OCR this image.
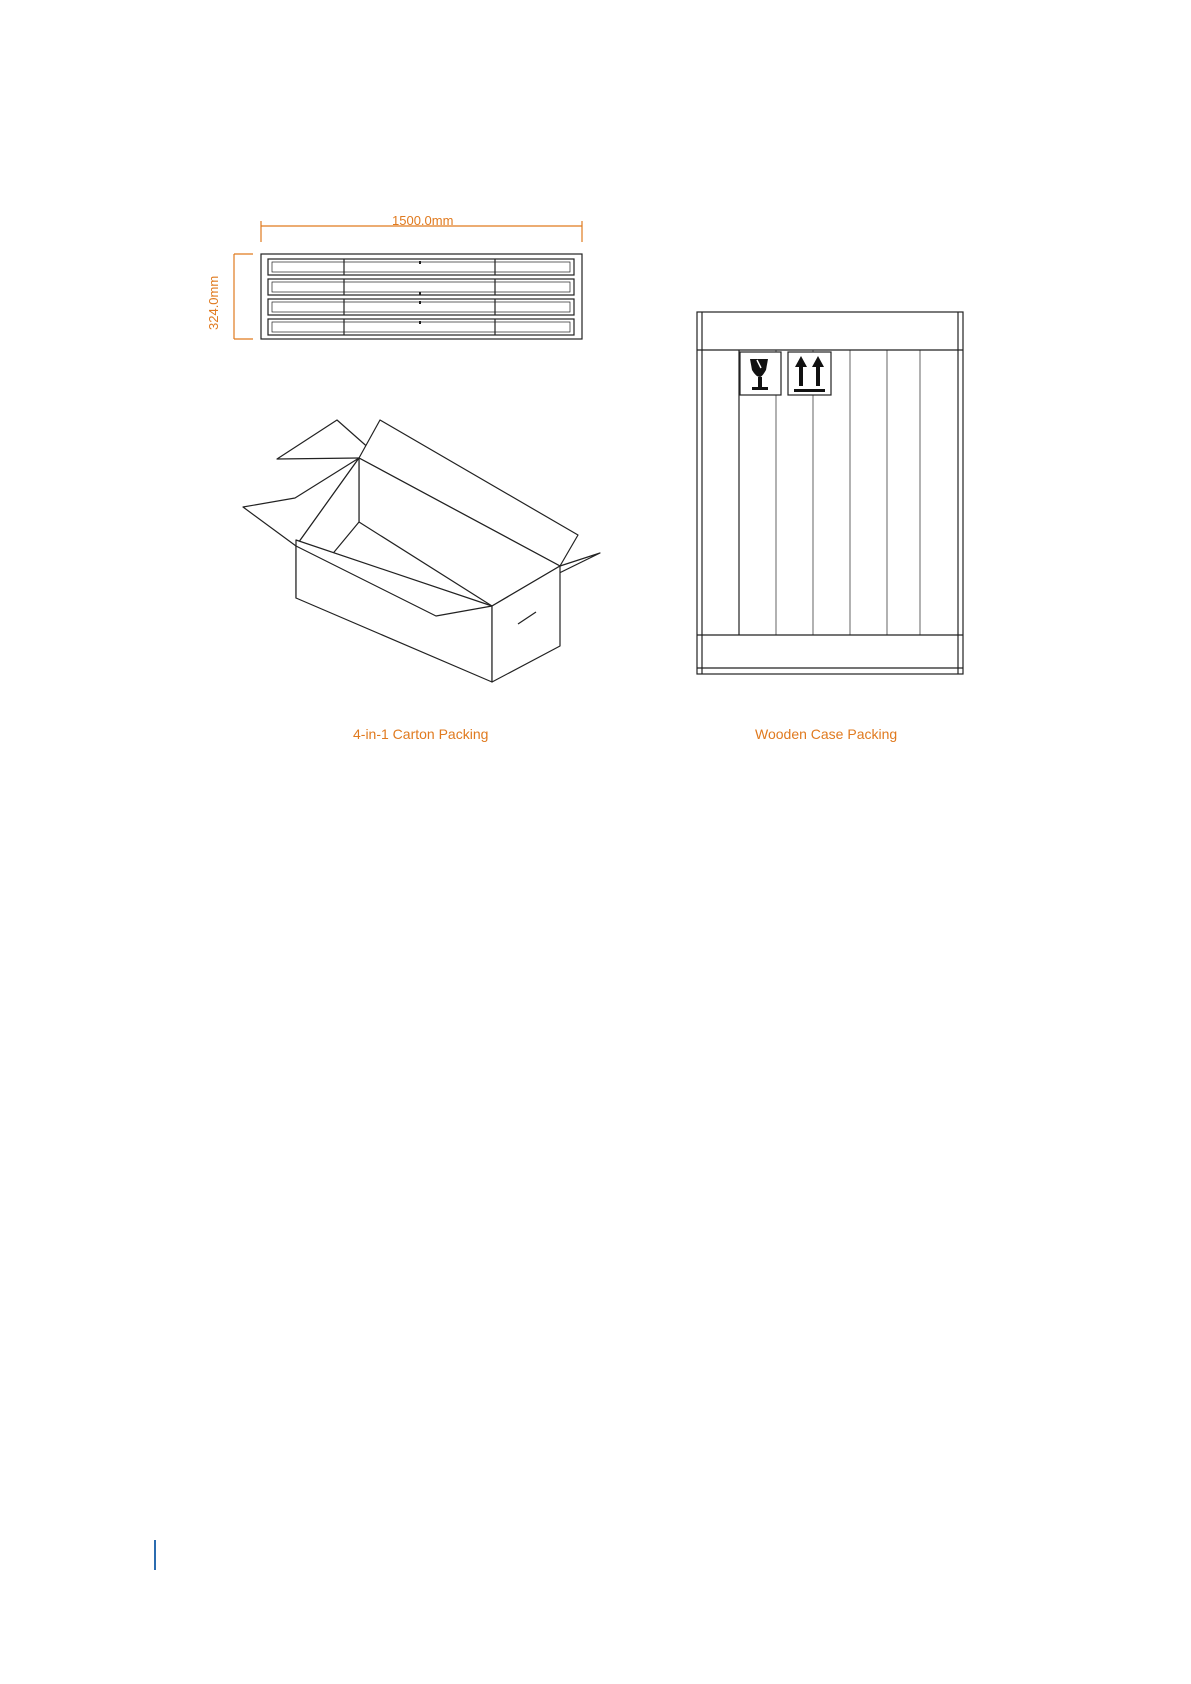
1500.0mm
324.0mm
4-in-1 Carton Packing	Wooden Case Packing
